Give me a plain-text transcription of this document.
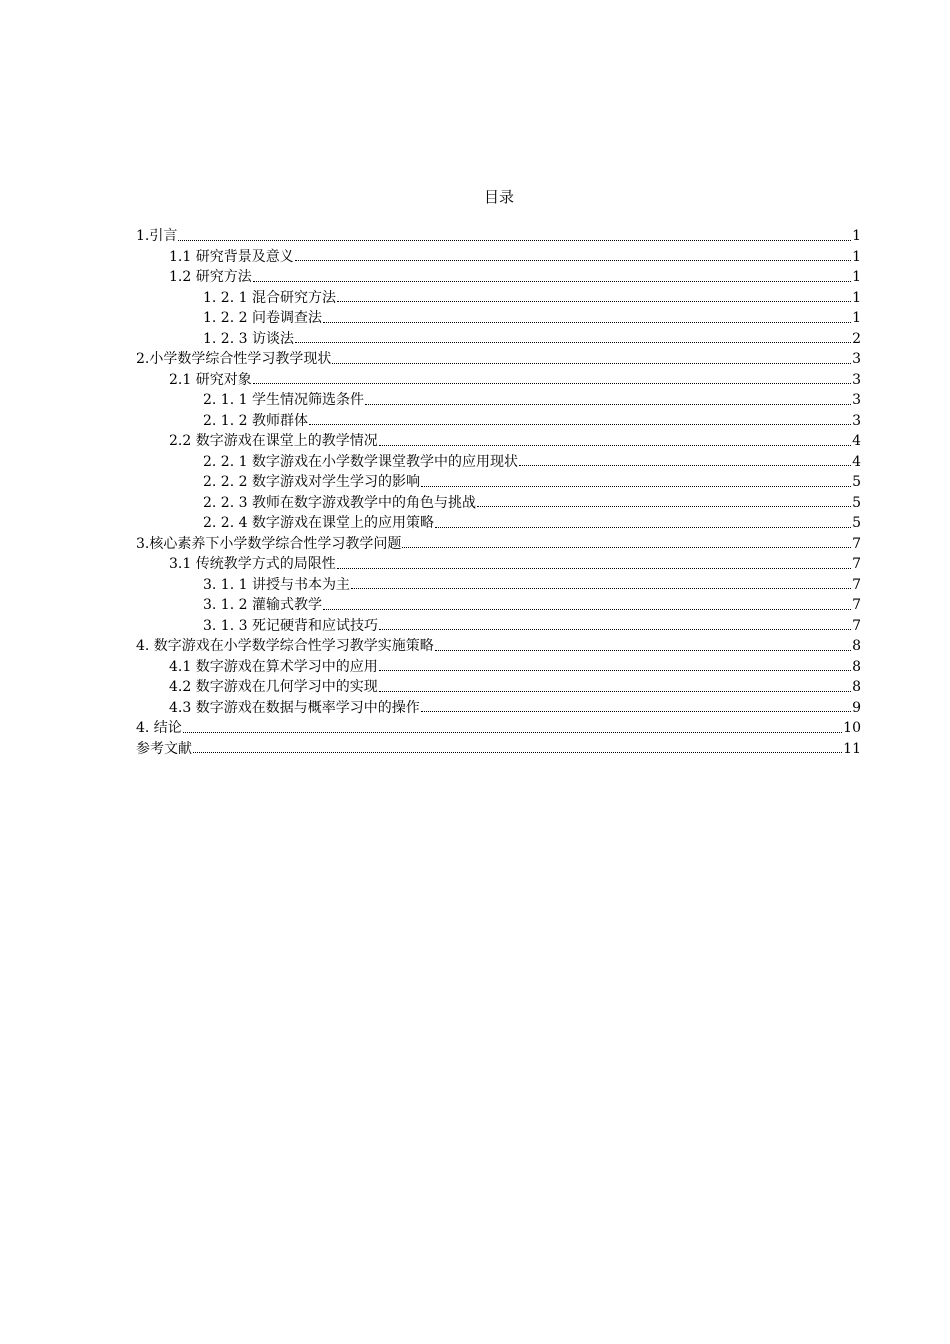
目录
1.引言	1
1.1 研究背景及意义	1
1.2 研究方法	1
1. 2. 1 混合研究方法	1
1. 2. 2 问卷调查法	1
1. 2. 3 访谈法	2
2.小学数学综合性学习教学现状	3
2.1 研究对象	3
2. 1. 1 学生情况筛选条件	3
2. 1. 2 教师群体	3
2.2 数字游戏在课堂上的教学情况	4
2. 2. 1 数字游戏在小学数学课堂教学中的应用现状	4
2. 2. 2 数字游戏对学生学习的影响	5
2. 2. 3 教师在数字游戏教学中的角色与挑战	5
2. 2. 4 数字游戏在课堂上的应用策略	5
3.核心素养下小学数学综合性学习教学问题	7
3.1 传统教学方式的局限性	7
3. 1. 1 讲授与书本为主	7
3. 1. 2 灌输式教学	7
3. 1. 3 死记硬背和应试技巧	7
4. 数字游戏在小学数学综合性学习教学实施策略	8
4.1 数字游戏在算术学习中的应用	8
4.2 数字游戏在几何学习中的实现	8
4.3 数字游戏在数据与概率学习中的操作	9
4. 结论	10
参考文献	11
